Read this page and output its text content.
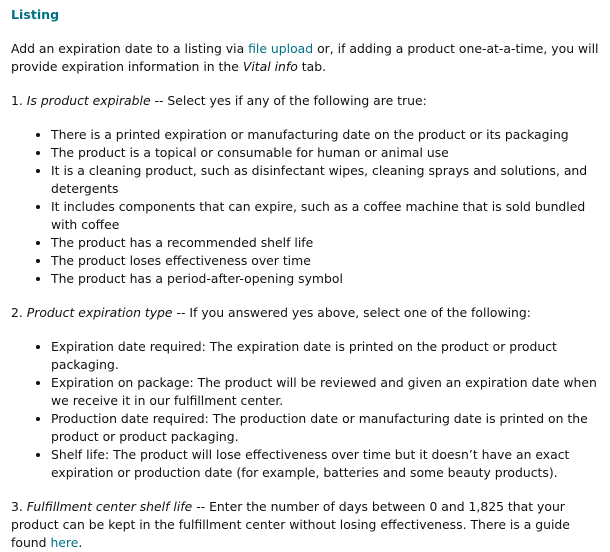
Listing

Add an expiration date to a listing via file upload or, if adding a product one-at-a-time, you will provide expiration information in the Vital info tab.

1. Is product expirable -- Select yes if any of the following are true:

There is a printed expiration or manufacturing date on the product or its packaging
The product is a topical or consumable for human or animal use
It is a cleaning product, such as disinfectant wipes, cleaning sprays and solutions, and detergents
It includes components that can expire, such as a coffee machine that is sold bundled with coffee
The product has a recommended shelf life
The product loses effectiveness over time
The product has a period-after-opening symbol

2. Product expiration type -- If you answered yes above, select one of the following:

Expiration date required: The expiration date is printed on the product or product packaging.
Expiration on package: The product will be reviewed and given an expiration date when we receive it in our fulfillment center.
Production date required: The production date or manufacturing date is printed on the product or product packaging.
Shelf life: The product will lose effectiveness over time but it doesn’t have an exact expiration or production date (for example, batteries and some beauty products).

3. Fulfillment center shelf life -- Enter the number of days between 0 and 1,825 that your product can be kept in the fulfillment center without losing effectiveness. There is a guide found here.
